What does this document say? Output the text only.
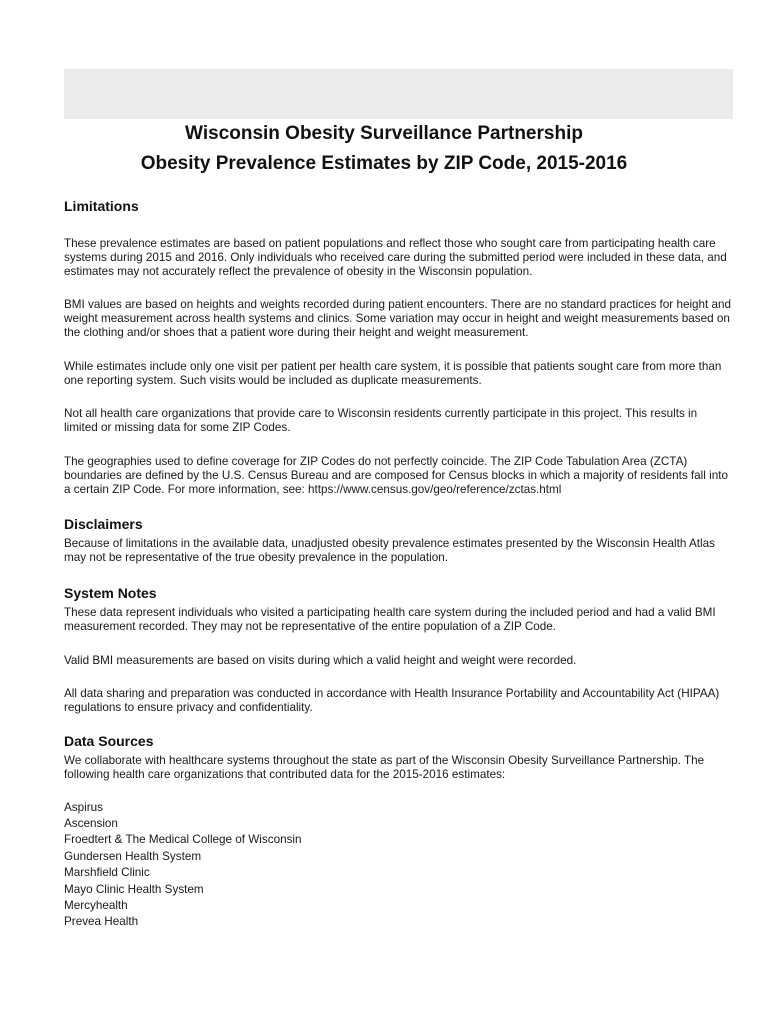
Wisconsin Obesity Surveillance Partnership
Obesity Prevalence Estimates by ZIP Code, 2015-2016
Limitations

These prevalence estimates are based on patient populations and reflect those who sought care from participating health care systems during 2015 and 2016. Only individuals who received care during the submitted period were included in these data, and estimates may not accurately reflect the prevalence of obesity in the Wisconsin population.

BMI values are based on heights and weights recorded during patient encounters. There are no standard practices for height and weight measurement across health systems and clinics. Some variation may occur in height and weight measurements based on the clothing and/or shoes that a patient wore during their height and weight measurement.

While estimates include only one visit per patient per health care system, it is possible that patients sought care from more than one reporting system. Such visits would be included as duplicate measurements.

Not all health care organizations that provide care to Wisconsin residents currently participate in this project. This results in limited or missing data for some ZIP Codes.

The geographies used to define coverage for ZIP Codes do not perfectly coincide. The ZIP Code Tabulation Area (ZCTA) boundaries are defined by the U.S. Census Bureau and are composed for Census blocks in which a majority of residents fall into a certain ZIP Code. For more information, see: https://www.census.gov/geo/reference/zctas.html

Disclaimers

Because of limitations in the available data, unadjusted obesity prevalence estimates presented by the Wisconsin Health Atlas may not be representative of the true obesity prevalence in the population.

System Notes

These data represent individuals who visited a participating health care system during the included period and had a valid BMI measurement recorded. They may not be representative of the entire population of a ZIP Code.

Valid BMI measurements are based on visits during which a valid height and weight were recorded.

All data sharing and preparation was conducted in accordance with Health Insurance Portability and Accountability Act (HIPAA) regulations to ensure privacy and confidentiality.

Data Sources

We collaborate with healthcare systems throughout the state as part of the Wisconsin Obesity Surveillance Partnership. The following health care organizations that contributed data for the 2015-2016 estimates:

Aspirus
Ascension
Froedtert & The Medical College of Wisconsin
Gundersen Health System
Marshfield Clinic
Mayo Clinic Health System
Mercyhealth
Prevea Health
